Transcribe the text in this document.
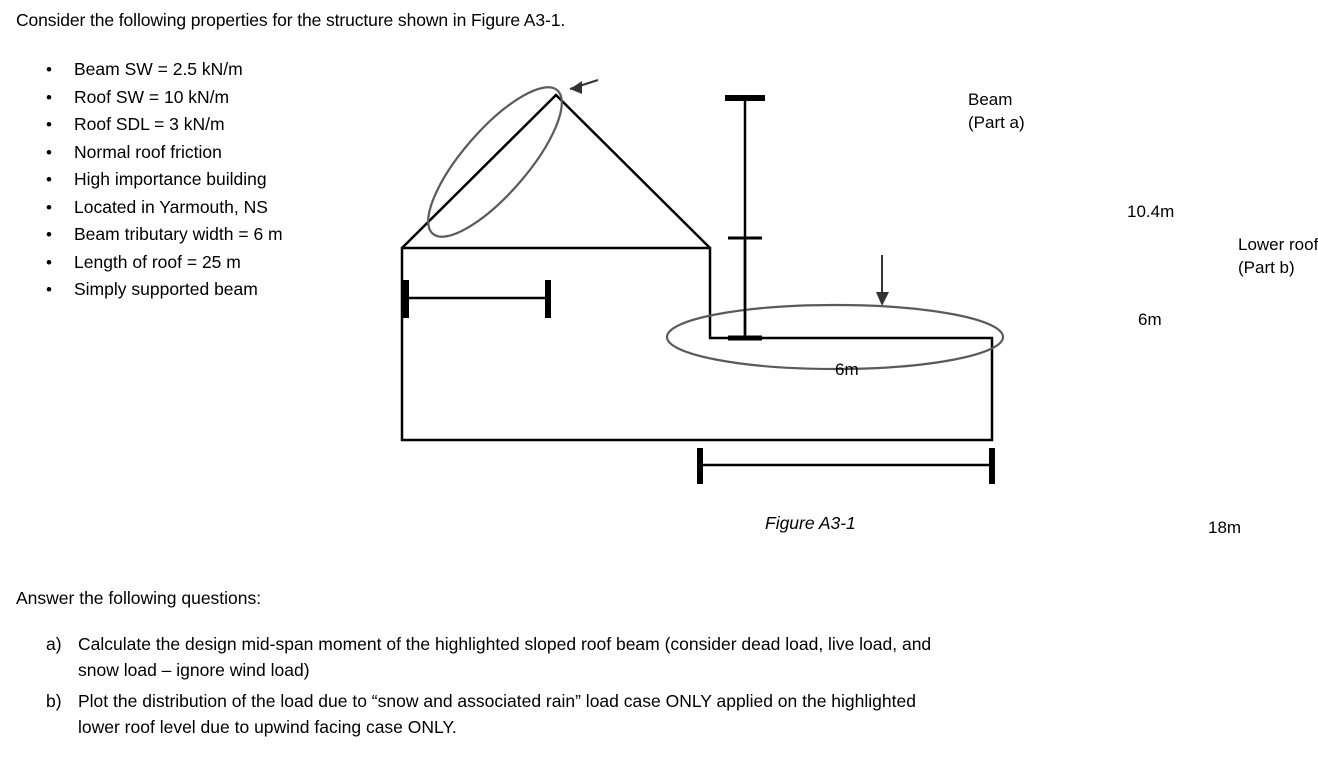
Consider the following properties for the structure shown in Figure A3-1.
• Beam SW = 2.5 kN/m
• Roof SW = 10 kN/m
• Roof SDL = 3 kN/m
• Normal roof friction
• High importance building
• Located in Yarmouth, NS
• Beam tributary width = 6 m
• Length of roof = 25 m
• Simply supported beam
Beam
(Part a)
Lower roof
(Part b)
10.4m
6m
6m
18m
Figure A3-1
Answer the following questions:
a) Calculate the design mid-span moment of the highlighted sloped roof beam (consider dead load, live load, and snow load – ignore wind load)
b) Plot the distribution of the load due to “snow and associated rain” load case ONLY applied on the highlighted lower roof level due to upwind facing case ONLY.
